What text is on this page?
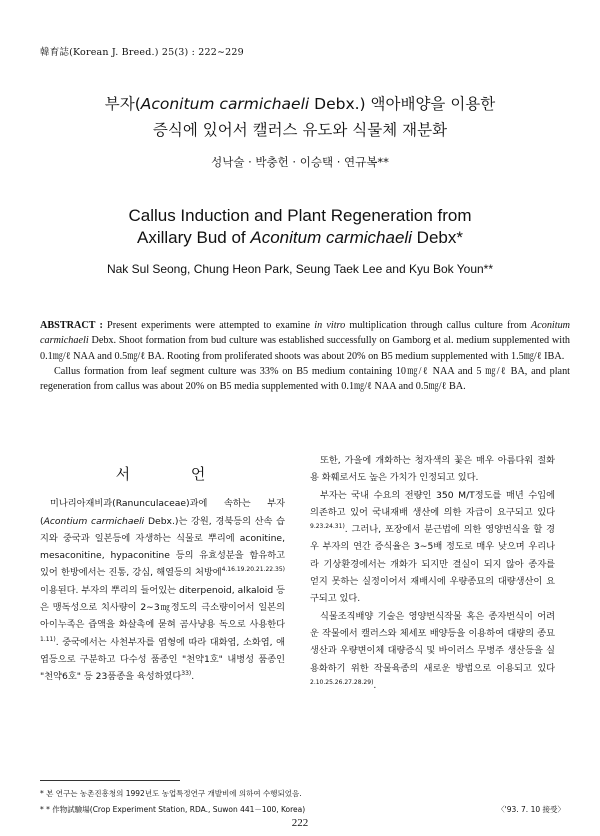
韓育誌(Korean J. Breed.) 25(3) : 222∼229
부자(Aconitum carmichaeli Debx.) 액아배양을 이용한
증식에 있어서 캘러스 유도와 식물체 재분화
성낙술 · 박충헌 · 이승택 · 연규복**
Callus Induction and Plant Regeneration from
Axillary Bud of Aconitum carmichaeli Debx*
Nak Sul Seong, Chung Heon Park, Seung Taek Lee and Kyu Bok Youn**

ABSTRACT : Present experiments were attempted to examine in vitro multiplication through callus culture from Aconitum carmichaeli Debx. Shoot formation from bud culture was established successfully on Gamborg et al. medium supplemented with 0.1㎎/ℓ NAA and 0.5㎎/ℓ BA. Rooting from proliferated shoots was about 20% on B5 medium supplemented with 1.5㎎/ℓ IBA.

Callus formation from leaf segment culture was 33% on B5 medium containing 10㎎/ℓ NAA and 5 ㎎/ℓ BA, and plant regeneration from callus was about 20% on B5 media supplemented with 0.1㎎/ℓ NAA and 0.5㎎/ℓ BA.

서 언

미나리아재비과(Ranunculaceae)과에 속하는 부자(Acontium carmichaeli Debx.)는 강원, 경북등의 산속 습지와 중국과 일본등에 자생하는 식물로 뿌리에 aconitine, mesaconitine, hypaconitine 등의 유효성분을 함유하고 있어 한방에서는 진통, 강심, 해열등의 처방에$^{4.16.19.20.21.22.35)}$ 이용된다. 부자의 뿌리의 들어있는 diterpenoid, alkaloid 등은 맹독성으로 치사량이 2∼3㎎정도의 극소량이어서 일본의 아이누족은 즙액을 화살촉에 묻혀 곰사냥용 독으로 사용한다$^{1.11)}$. 중국에서는 사천부자를 엽형에 따라 대화엽, 소화엽, 애엽등으로 구분하고 다수성 품종인 "천약1호" 내병성 품종인 "천약6호" 등 23품종을 육성하였다$^{33)}$.

또한, 가을에 개화하는 청자색의 꽃은 매우 아름다워 절화용 화훼로서도 높은 가치가 인정되고 있다.

부자는 국내 수요의 전량인 350 M/T정도를 매년 수입에 의존하고 있어 국내재배 생산에 의한 자급이 요구되고 있다$^{9.23.24.31)}$. 그러나, 포장에서 분근법에 의한 영양번식을 할 경우 부자의 연간 증식율은 3∼5배 정도로 매우 낮으며 우리나라 기상환경에서는 개화가 되지만 결실이 되지 않아 종자를 얻지 못하는 실정이어서 재배시에 우량종묘의 대량생산이 요구되고 있다.

식물조직배양 기술은 영양번식작물 혹은 종자번식이 어려운 작물에서 캘러스와 체세포 배양등을 이용하여 대량의 종묘생산과 우량변이체 대량증식 및 바이러스 무병주 생산등을 실용화하기 위한 작물육종의 새로운 방법으로 이용되고 있다$^{2.10.25.26.27.28.29)}$.

* 본 연구는 농촌진흥청의 1992년도 농업특정연구 개발비에 의하여 수행되었음.
* * 作物試驗場(Crop Experiment Station, RDA., Suwon 441－100, Korea)	〈'93. 7. 10 接受〉
222
